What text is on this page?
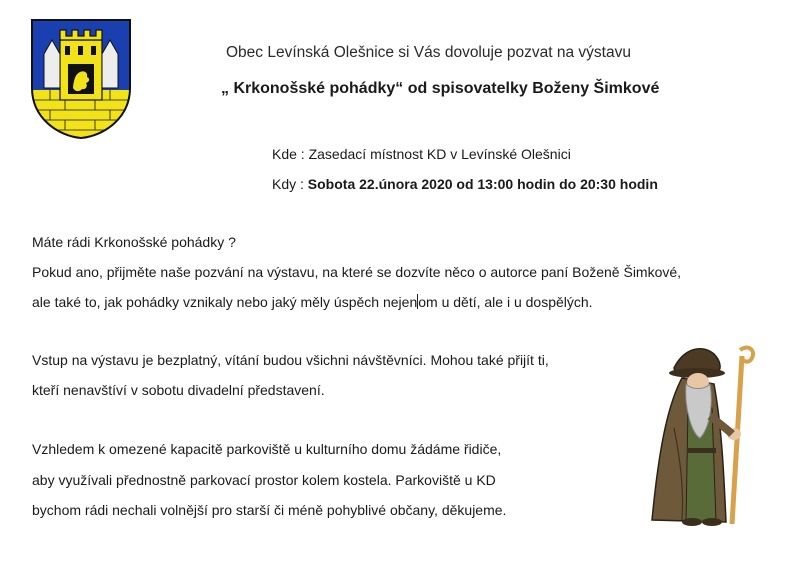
Obec Levínská Olešnice si Vás dovoluje pozvat na výstavu
„ Krkonošské pohádky“ od spisovatelky Boženy Šimkové
Kde : Zasedací místnost KD v Levínské Olešnici
Kdy : Sobota 22.února 2020 od 13:00 hodin do 20:30 hodin
Máte rádi Krkonošské pohádky ?
Pokud ano, přijměte naše pozvání na výstavu, na které se dozvíte něco o autorce paní Boženě Šimkové,
ale také to, jak pohádky vznikaly nebo jaký měly úspěch nejenom u dětí, ale i u dospělých.
Vstup na výstavu je bezplatný, vítání budou všichni návštěvníci. Mohou také přijít ti,
kteří nenavštíví v sobotu divadelní představení.
Vzhledem k omezené kapacitě parkoviště u kulturního domu žádáme řidiče,
aby využívali přednostně parkovací prostor kolem kostela. Parkoviště u KD
bychom rádi nechali volnější pro starší či méně pohyblivé občany, děkujeme.
